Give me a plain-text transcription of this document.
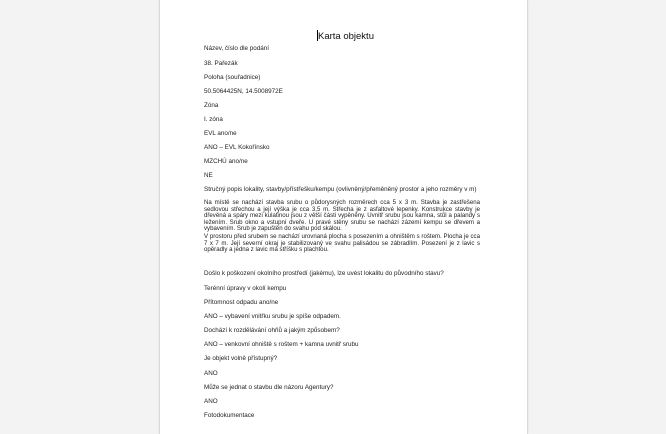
Karta objektu
Název, číslo dle podání
38. Pařezák
Poloha (souřadnice)
50.5064425N, 14.5008972E
Zóna
I. zóna
EVL ano/ne
ANO – EVL Kokořínsko
MZCHÚ ano/ne
NE
Stručný popis lokality, stavby/přístřešku/kempu (ovlivněný/přeměněný prostor a jeho rozměry v m)
Na místě se nachází stavba srubu o půdorysných rozměrech cca 5 x 3 m. Stavba je zastřešena sedlovou střechou a její výška je cca 3,5 m. Střecha je z asfaltové lepenky. Konstrukce stavby je dřevěná a spáry mezi kulatinou jsou z větší části vypěněny. Uvnitř srubu jsou kamna, stůl a palandy s ležením. Srub okno a vstupní dveře. U pravé stěny srubu se nachází zázemí kempu se dřevem a vybavením. Srub je zapuštěn do svahu pod skálou.
V prostoru před srubem se nachází urovnaná plocha s posezením a ohništěm s roštem. Plocha je cca 7 x 7 m. Její severní okraj je stabilizovaný ve svahu palisádou se zábradlím. Posezení je z lavic s opěradly a jedna z lavic má stříšku s plachtou.
Došlo k poškození okolního prostředí (jakému), lze uvést lokalitu do původního stavu?
Terénní úpravy v okolí kempu
Přítomnost odpadu ano/ne
ANO – vybavení vnitřku srubu je spíše odpadem.
Dochází k rozdělávání ohňů a jakým způsobem?
ANO – venkovní ohniště s roštem + kamna uvnitř srubu
Je objekt volně přístupný?
ANO
Může se jednat o stavbu dle názoru Agentury?
ANO
Fotodokumentace
